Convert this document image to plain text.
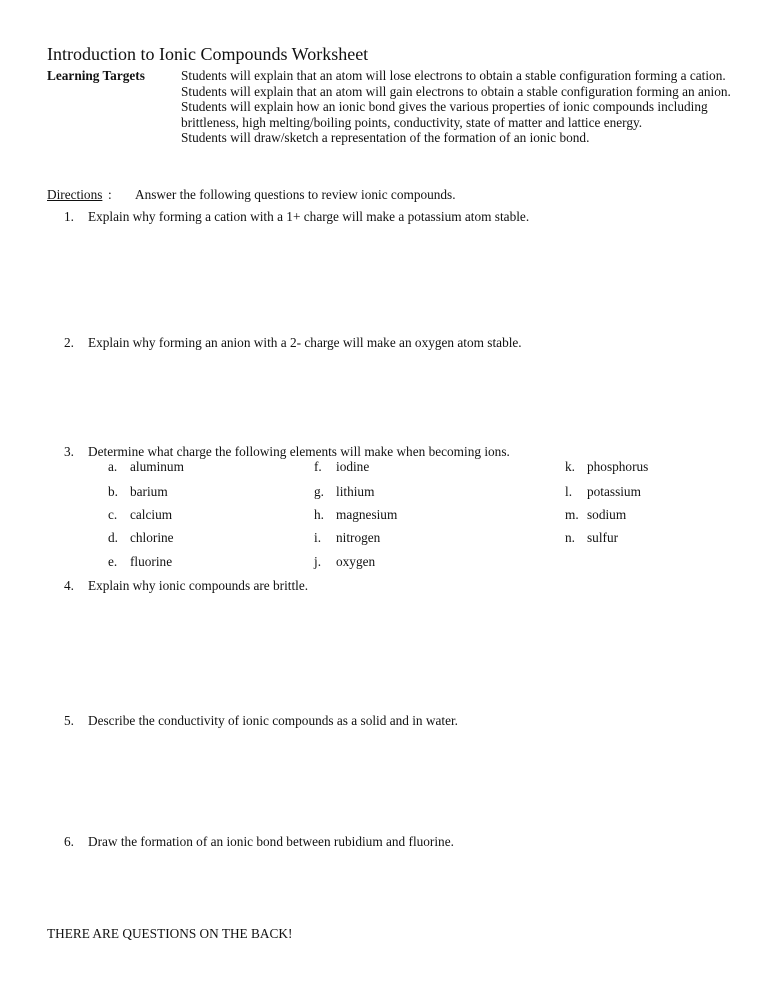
Introduction to Ionic Compounds Worksheet
Learning Targets	Students will explain that an atom will lose electrons to obtain a stable configuration forming a cation.
Students will explain that an atom will gain electrons to obtain a stable configuration forming an anion.
Students will explain how an ionic bond gives the various properties of ionic compounds including brittleness, high melting/boiling points, conductivity, state of matter and lattice energy.
Students will draw/sketch a representation of the formation of an ionic bond.
Directions : Answer the following questions to review ionic compounds.
1. Explain why forming a cation with a 1+ charge will make a potassium atom stable.
2. Explain why forming an anion with a 2- charge will make an oxygen atom stable.
3. Determine what charge the following elements will make when becoming ions.
a. aluminum
b. barium
c. calcium
d. chlorine
e. fluorine
f. iodine
g. lithium
h. magnesium
i. nitrogen
j. oxygen
k. phosphorus
l. potassium
m. sodium
n. sulfur
4. Explain why ionic compounds are brittle.
5. Describe the conductivity of ionic compounds as a solid and in water.
6. Draw the formation of an ionic bond between rubidium and fluorine.
THERE ARE QUESTIONS ON THE BACK!
